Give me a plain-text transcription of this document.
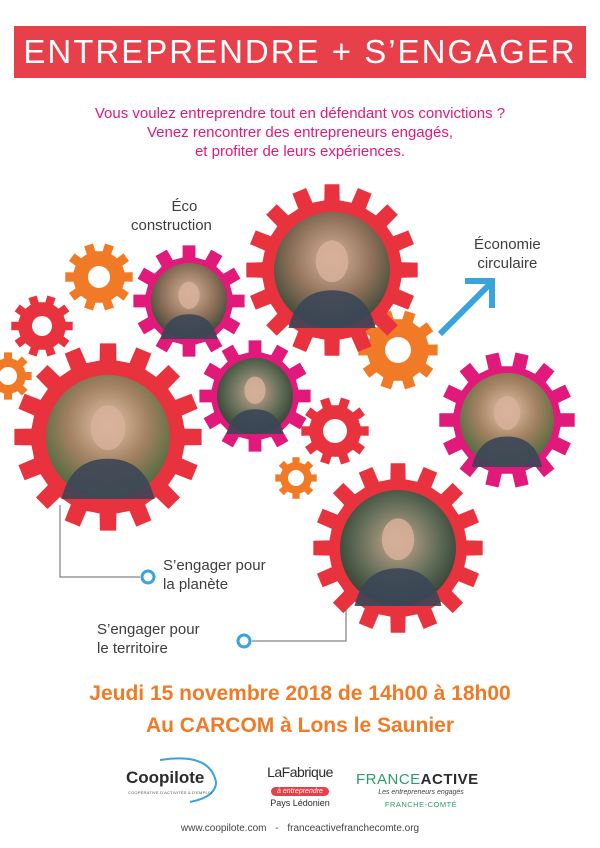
ENTREPRENDRE + S’ENGAGER
Vous voulez entreprendre tout en défendant vos convictions ?
Venez rencontrer des entrepreneurs engagés,
et profiter de leurs expériences.
Éco
construction
Économie
circulaire
S’engager pour
la planète
S’engager pour
le territoire
Jeudi 15 novembre 2018 de 14h00 à 18h00
Au CARCOM à Lons le Saunier
Coopilote
COOPÉRATIVE D'ACTIVITÉS & D'EMPLOI
LaFabrique
à entreprendre
Pays Lédonien
FRANCEACTIVE
Les entrepreneurs engagés
FRANCHE-COMTÉ
www.coopilote.com - franceactivefranchecomte.org
